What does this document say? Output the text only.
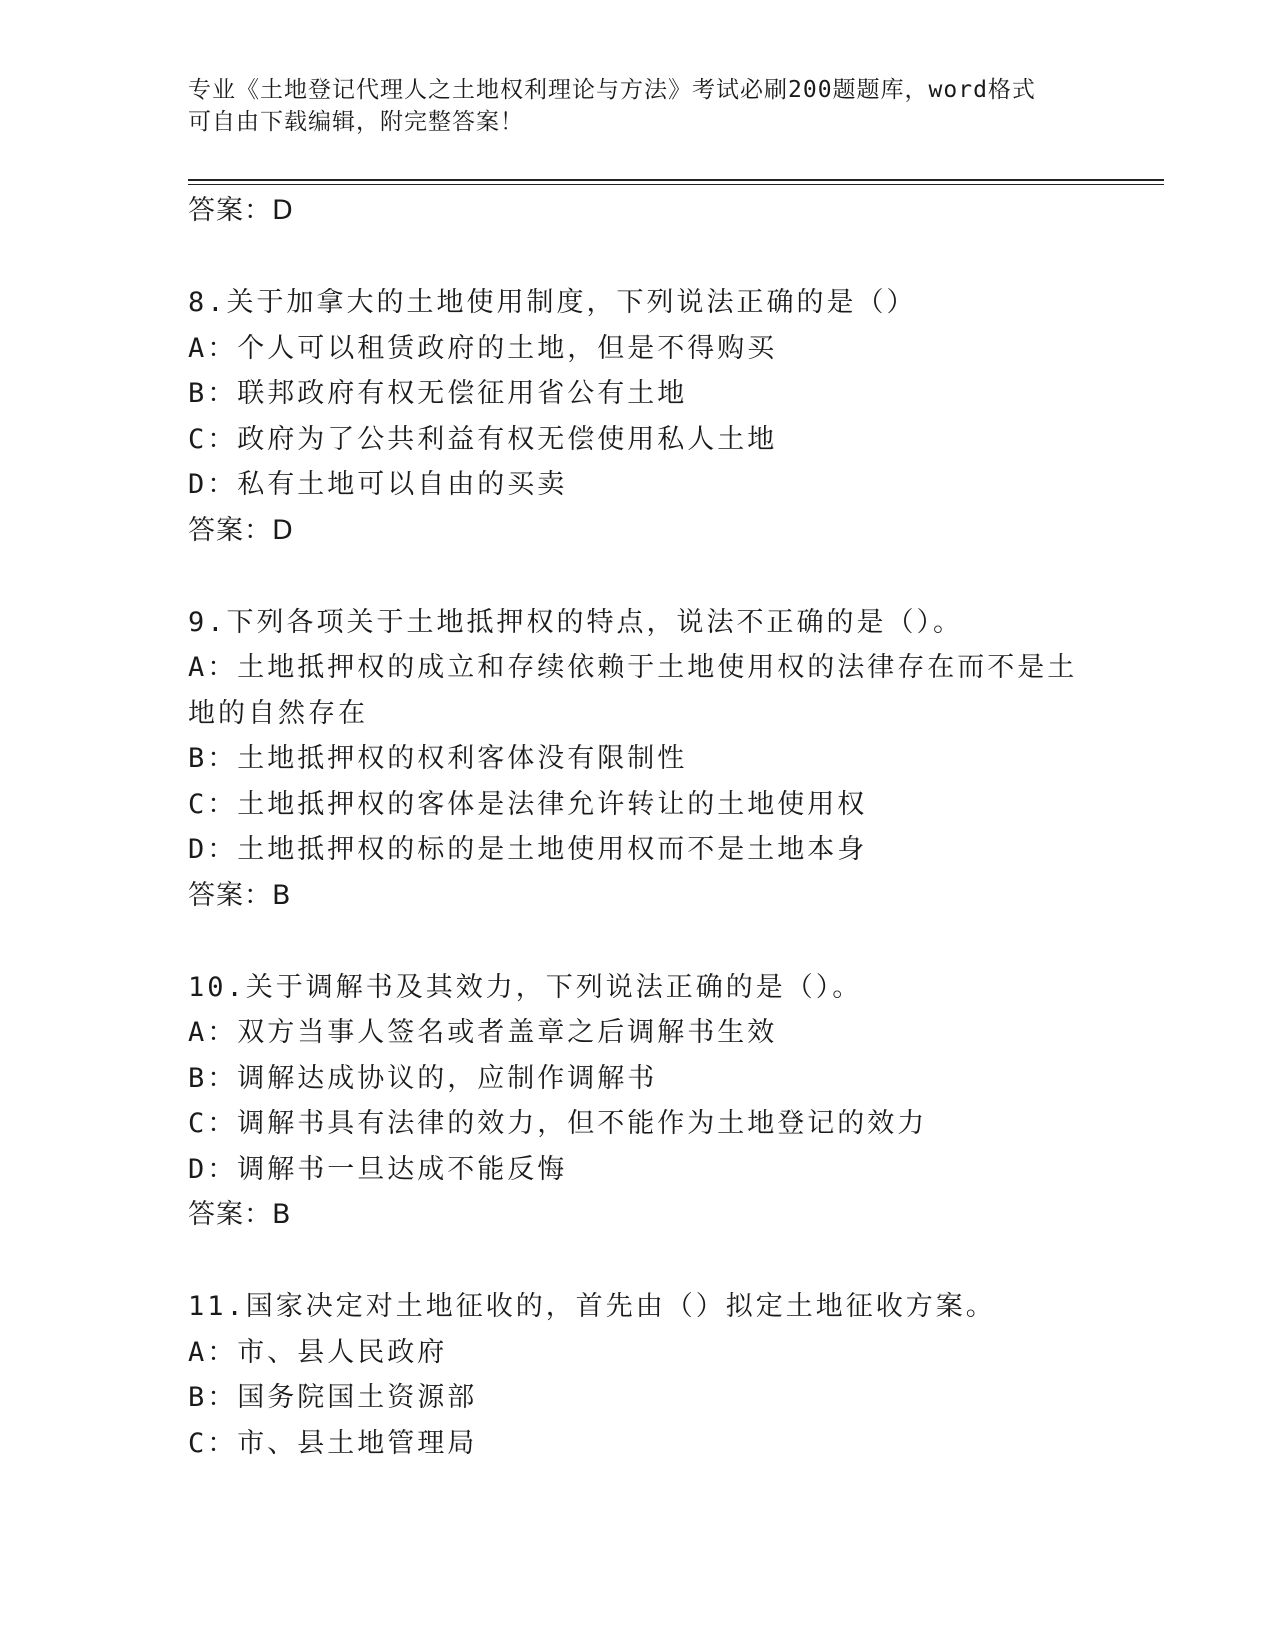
专业《土地登记代理人之土地权利理论与方法》考试必刷200题题库，word格式
可自由下载编辑，附完整答案！
答案：D
8.关于加拿大的土地使用制度，下列说法正确的是（）
A：个人可以租赁政府的土地，但是不得购买
B：联邦政府有权无偿征用省公有土地
C：政府为了公共利益有权无偿使用私人土地
D：私有土地可以自由的买卖
答案：D
9.下列各项关于土地抵押权的特点，说法不正确的是（）。
A：土地抵押权的成立和存续依赖于土地使用权的法律存在而不是土地的自然存在
B：土地抵押权的权利客体没有限制性
C：土地抵押权的客体是法律允许转让的土地使用权
D：土地抵押权的标的是土地使用权而不是土地本身
答案：B
10.关于调解书及其效力，下列说法正确的是（）。
A：双方当事人签名或者盖章之后调解书生效
B：调解达成协议的，应制作调解书
C：调解书具有法律的效力，但不能作为土地登记的效力
D：调解书一旦达成不能反悔
答案：B
11.国家决定对土地征收的，首先由（）拟定土地征收方案。
A：市、县人民政府
B：国务院国土资源部
C：市、县土地管理局
